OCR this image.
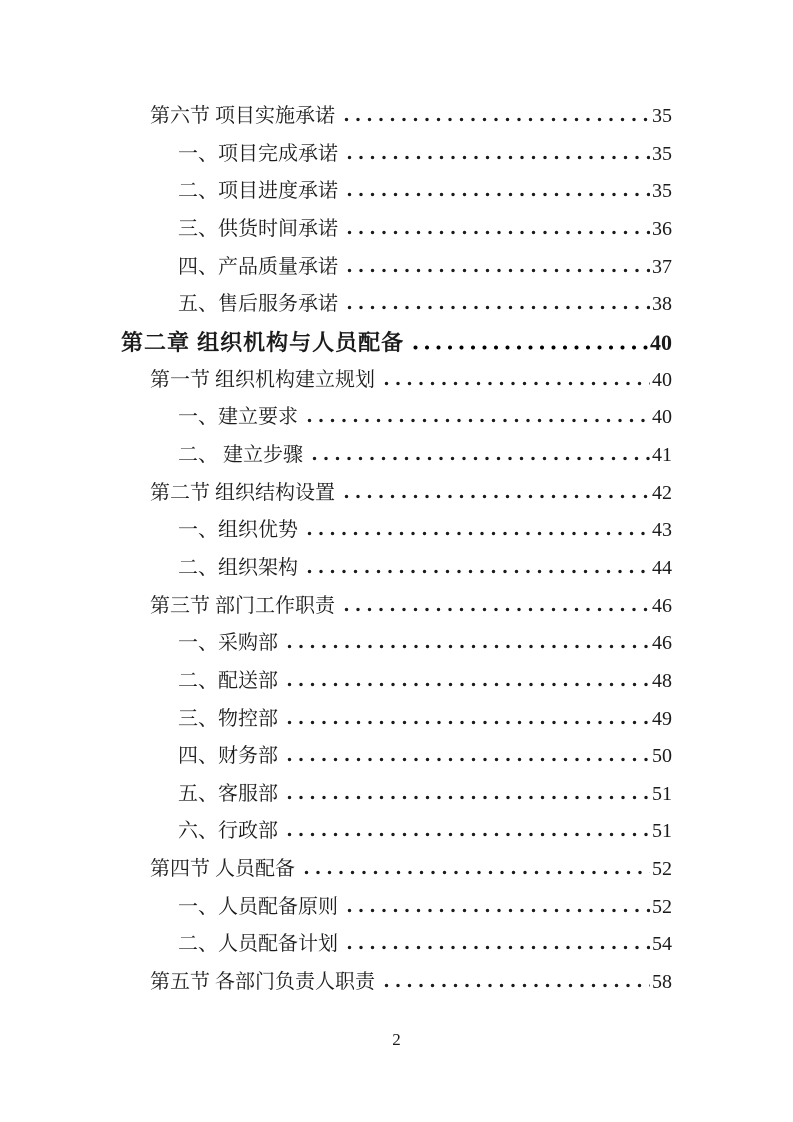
第六节 项目实施承诺	35
一、项目完成承诺	35
二、项目进度承诺	35
三、供货时间承诺	36
四、产品质量承诺	37
五、售后服务承诺	38
第二章 组织机构与人员配备	40
第一节 组织机构建立规划	40
一、建立要求	40
二、 建立步骤	41
第二节 组织结构设置	42
一、组织优势	43
二、组织架构	44
第三节 部门工作职责	46
一、采购部	46
二、配送部	48
三、物控部	49
四、财务部	50
五、客服部	51
六、行政部	51
第四节 人员配备	52
一、人员配备原则	52
二、人员配备计划	54
第五节 各部门负责人职责	58
2
